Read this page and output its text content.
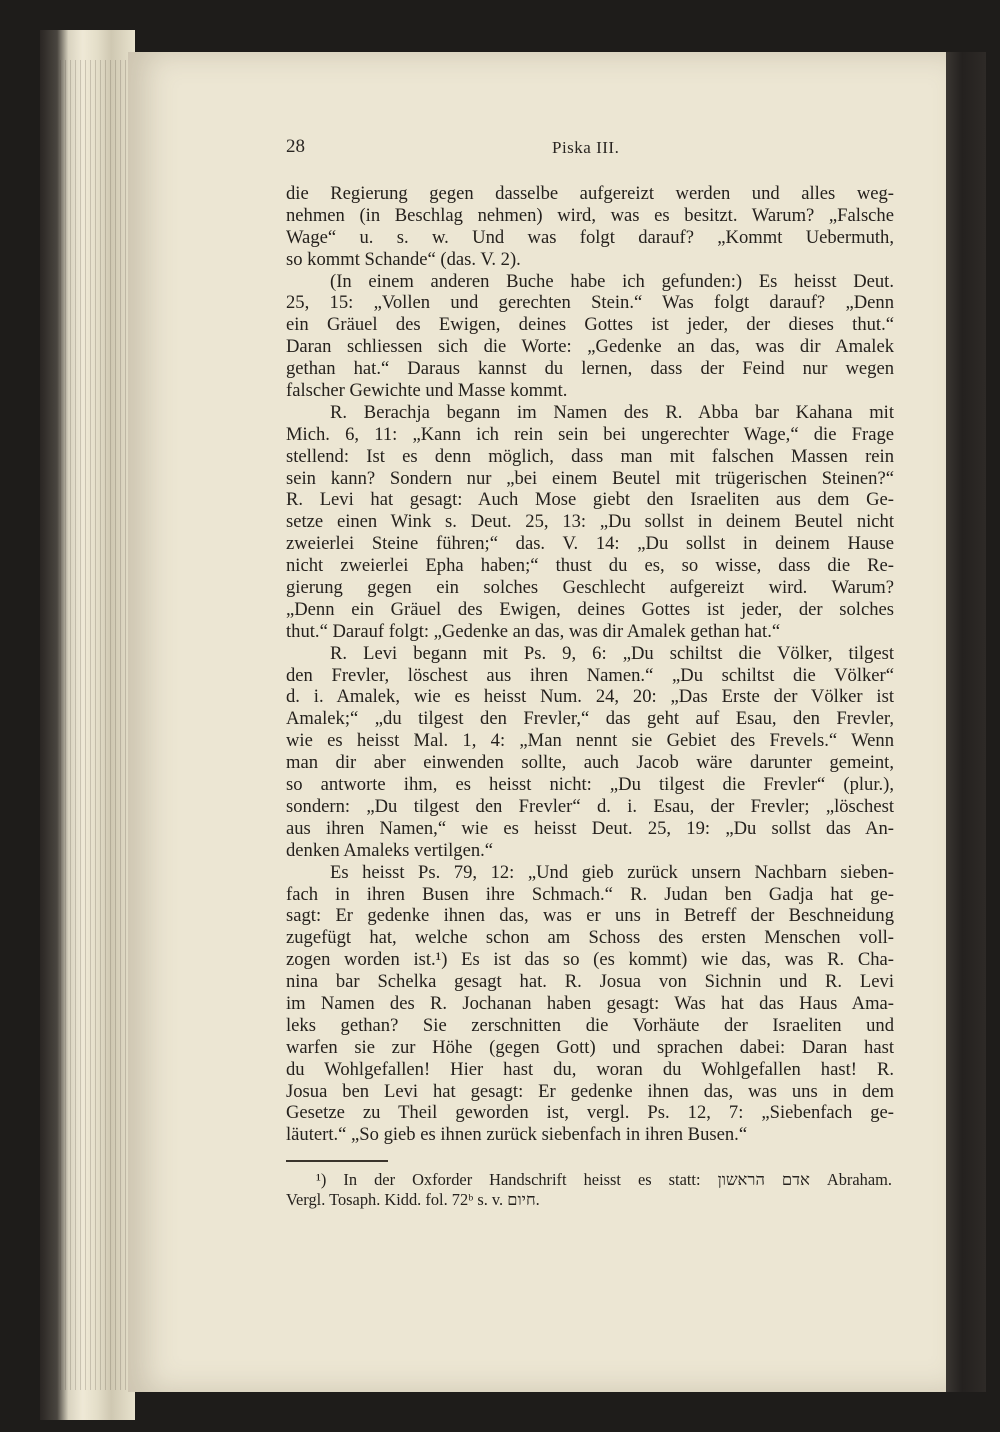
28	Piska III.
die Regierung gegen dasselbe aufgereizt werden und alles weg-
nehmen (in Beschlag nehmen) wird, was es besitzt. Warum? „Falsche
Wage“ u. s. w. Und was folgt darauf? „Kommt Uebermuth,
so kommt Schande“ (das. V. 2).
(In einem anderen Buche habe ich gefunden:) Es heisst Deut.
25, 15: „Vollen und gerechten Stein.“ Was folgt darauf? „Denn
ein Gräuel des Ewigen, deines Gottes ist jeder, der dieses thut.“
Daran schliessen sich die Worte: „Gedenke an das, was dir Amalek
gethan hat.“ Daraus kannst du lernen, dass der Feind nur wegen
falscher Gewichte und Masse kommt.
R. Berachja begann im Namen des R. Abba bar Kahana mit
Mich. 6, 11: „Kann ich rein sein bei ungerechter Wage,“ die Frage
stellend: Ist es denn möglich, dass man mit falschen Massen rein
sein kann? Sondern nur „bei einem Beutel mit trügerischen Steinen?“
R. Levi hat gesagt: Auch Mose giebt den Israeliten aus dem Ge-
setze einen Wink s. Deut. 25, 13: „Du sollst in deinem Beutel nicht
zweierlei Steine führen;“ das. V. 14: „Du sollst in deinem Hause
nicht zweierlei Epha haben;“ thust du es, so wisse, dass die Re-
gierung gegen ein solches Geschlecht aufgereizt wird. Warum?
„Denn ein Gräuel des Ewigen, deines Gottes ist jeder, der solches
thut.“ Darauf folgt: „Gedenke an das, was dir Amalek gethan hat.“
R. Levi begann mit Ps. 9, 6: „Du schiltst die Völker, tilgest
den Frevler, löschest aus ihren Namen.“ „Du schiltst die Völker“
d. i. Amalek, wie es heisst Num. 24, 20: „Das Erste der Völker ist
Amalek;“ „du tilgest den Frevler,“ das geht auf Esau, den Frevler,
wie es heisst Mal. 1, 4: „Man nennt sie Gebiet des Frevels.“ Wenn
man dir aber einwenden sollte, auch Jacob wäre darunter gemeint,
so antworte ihm, es heisst nicht: „Du tilgest die Frevler“ (plur.),
sondern: „Du tilgest den Frevler“ d. i. Esau, der Frevler; „löschest
aus ihren Namen,“ wie es heisst Deut. 25, 19: „Du sollst das An-
denken Amaleks vertilgen.“
Es heisst Ps. 79, 12: „Und gieb zurück unsern Nachbarn sieben-
fach in ihren Busen ihre Schmach.“ R. Judan ben Gadja hat ge-
sagt: Er gedenke ihnen das, was er uns in Betreff der Beschneidung
zugefügt hat, welche schon am Schoss des ersten Menschen voll-
zogen worden ist.¹) Es ist das so (es kommt) wie das, was R. Cha-
nina bar Schelka gesagt hat. R. Josua von Sichnin und R. Levi
im Namen des R. Jochanan haben gesagt: Was hat das Haus Ama-
leks gethan? Sie zerschnitten die Vorhäute der Israeliten und
warfen sie zur Höhe (gegen Gott) und sprachen dabei: Daran hast
du Wohlgefallen! Hier hast du, woran du Wohlgefallen hast! R.
Josua ben Levi hat gesagt: Er gedenke ihnen das, was uns in dem
Gesetze zu Theil geworden ist, vergl. Ps. 12, 7: „Siebenfach ge-
läutert.“ „So gieb es ihnen zurück siebenfach in ihren Busen.“
¹) In der Oxforder Handschrift heisst es statt: אדם הראשון Abraham.
Vergl. Tosaph. Kidd. fol. 72ᵇ s. v. חיום.
